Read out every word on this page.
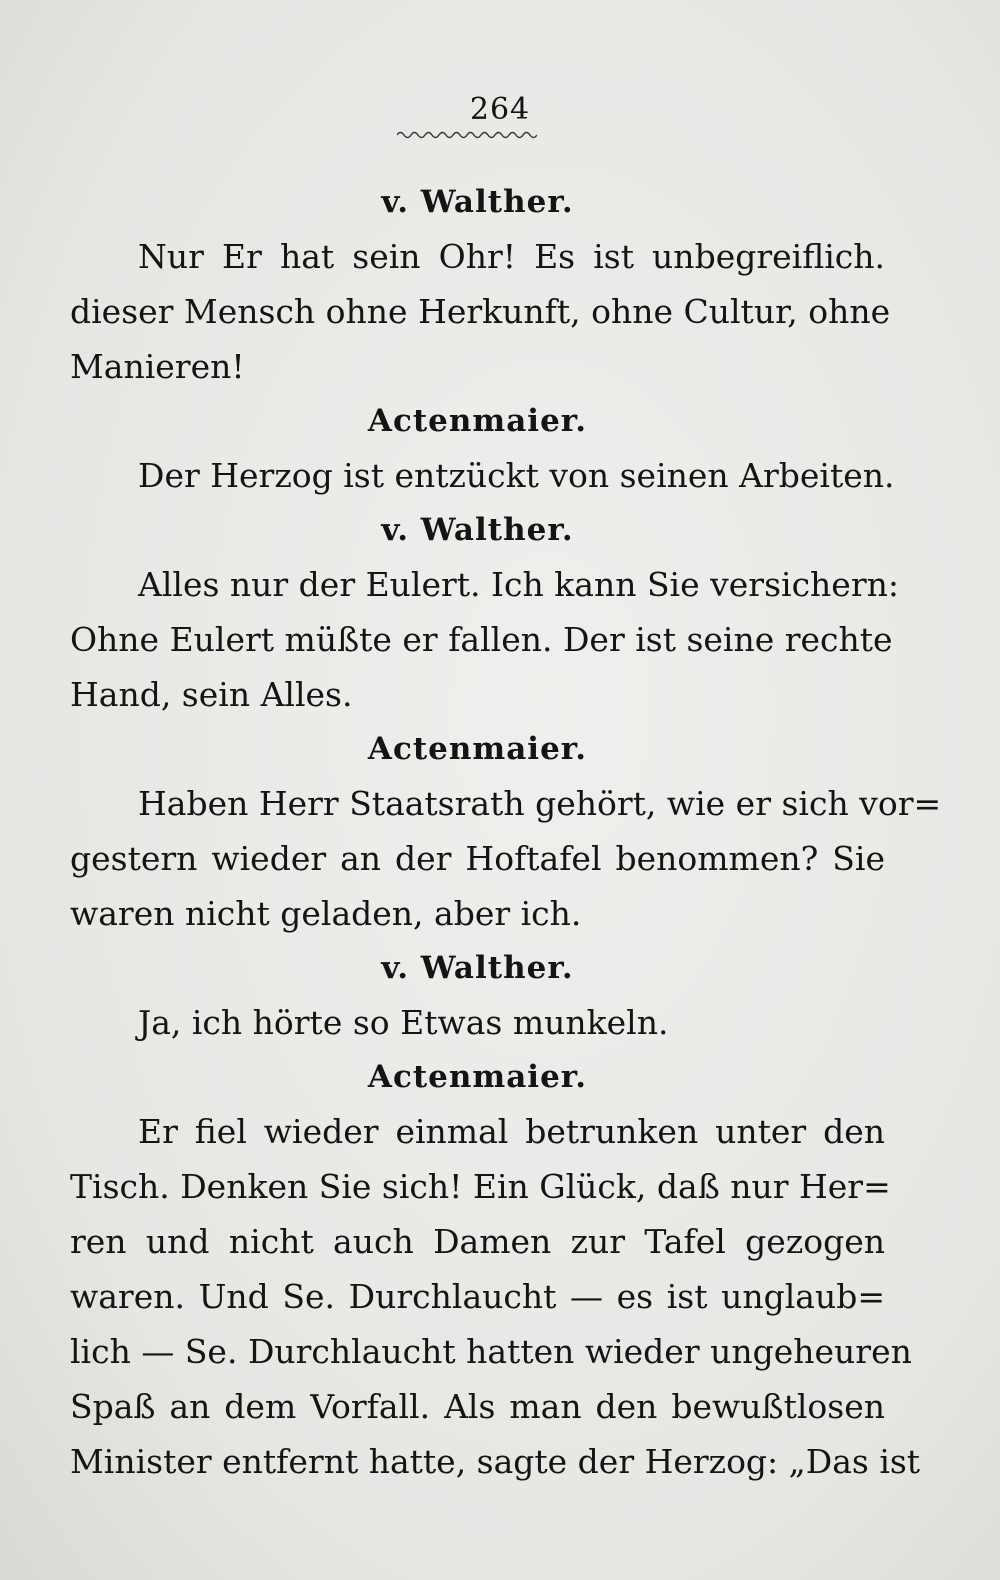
264
v. Walther.
Nur Er hat sein Ohr! Es ist unbegreiflich.
dieser Mensch ohne Herkunft, ohne Cultur, ohne
Manieren!
Actenmaier.
Der Herzog ist entzückt von seinen Arbeiten.
v. Walther.
Alles nur der Eulert. Ich kann Sie versichern:
Ohne Eulert müßte er fallen. Der ist seine rechte
Hand, sein Alles.
Actenmaier.
Haben Herr Staatsrath gehört, wie er sich vor=
gestern wieder an der Hoftafel benommen? Sie
waren nicht geladen, aber ich.
v. Walther.
Ja, ich hörte so Etwas munkeln.
Actenmaier.
Er fiel wieder einmal betrunken unter den
Tisch. Denken Sie sich! Ein Glück, daß nur Her=
ren und nicht auch Damen zur Tafel gezogen
waren. Und Se. Durchlaucht — es ist unglaub=
lich — Se. Durchlaucht hatten wieder ungeheuren
Spaß an dem Vorfall. Als man den bewußtlosen
Minister entfernt hatte, sagte der Herzog: „Das ist
